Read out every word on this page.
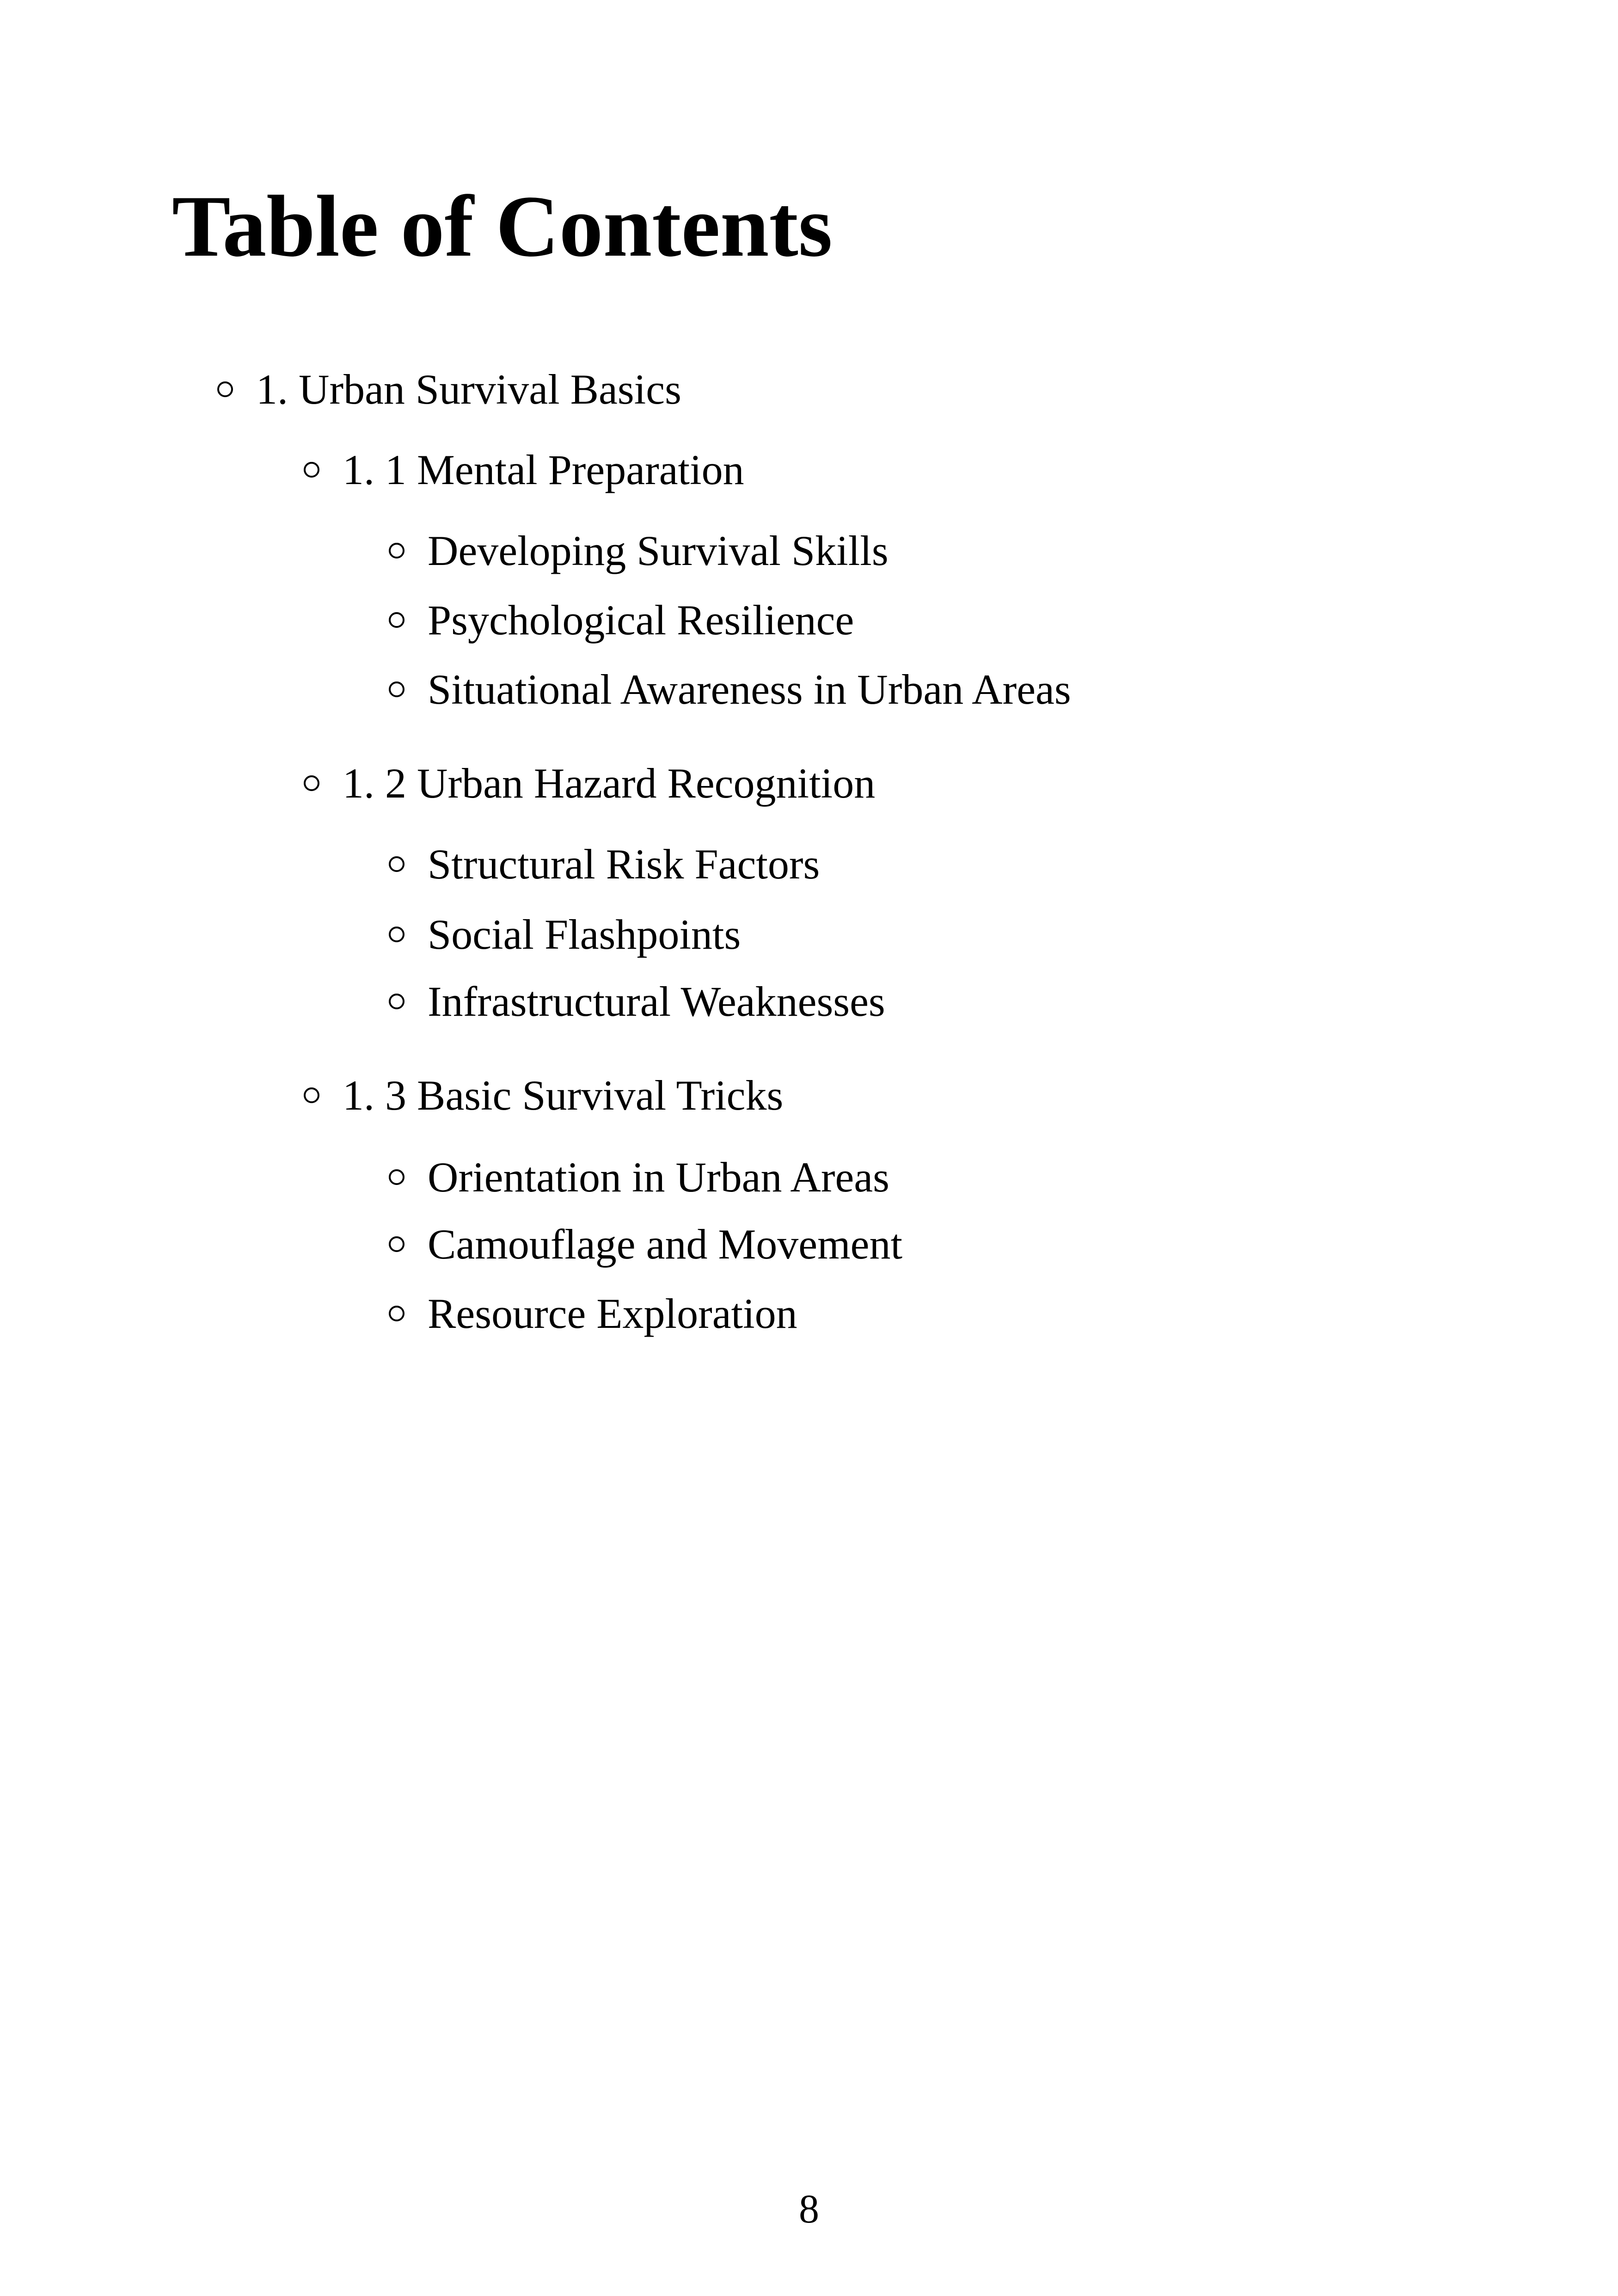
Table of Contents
1. Urban Survival Basics
1. 1 Mental Preparation
Developing Survival Skills
Psychological Resilience
Situational Awareness in Urban Areas
1. 2 Urban Hazard Recognition
Structural Risk Factors
Social Flashpoints
Infrastructural Weaknesses
1. 3 Basic Survival Tricks
Orientation in Urban Areas
Camouflage and Movement
Resource Exploration
8
